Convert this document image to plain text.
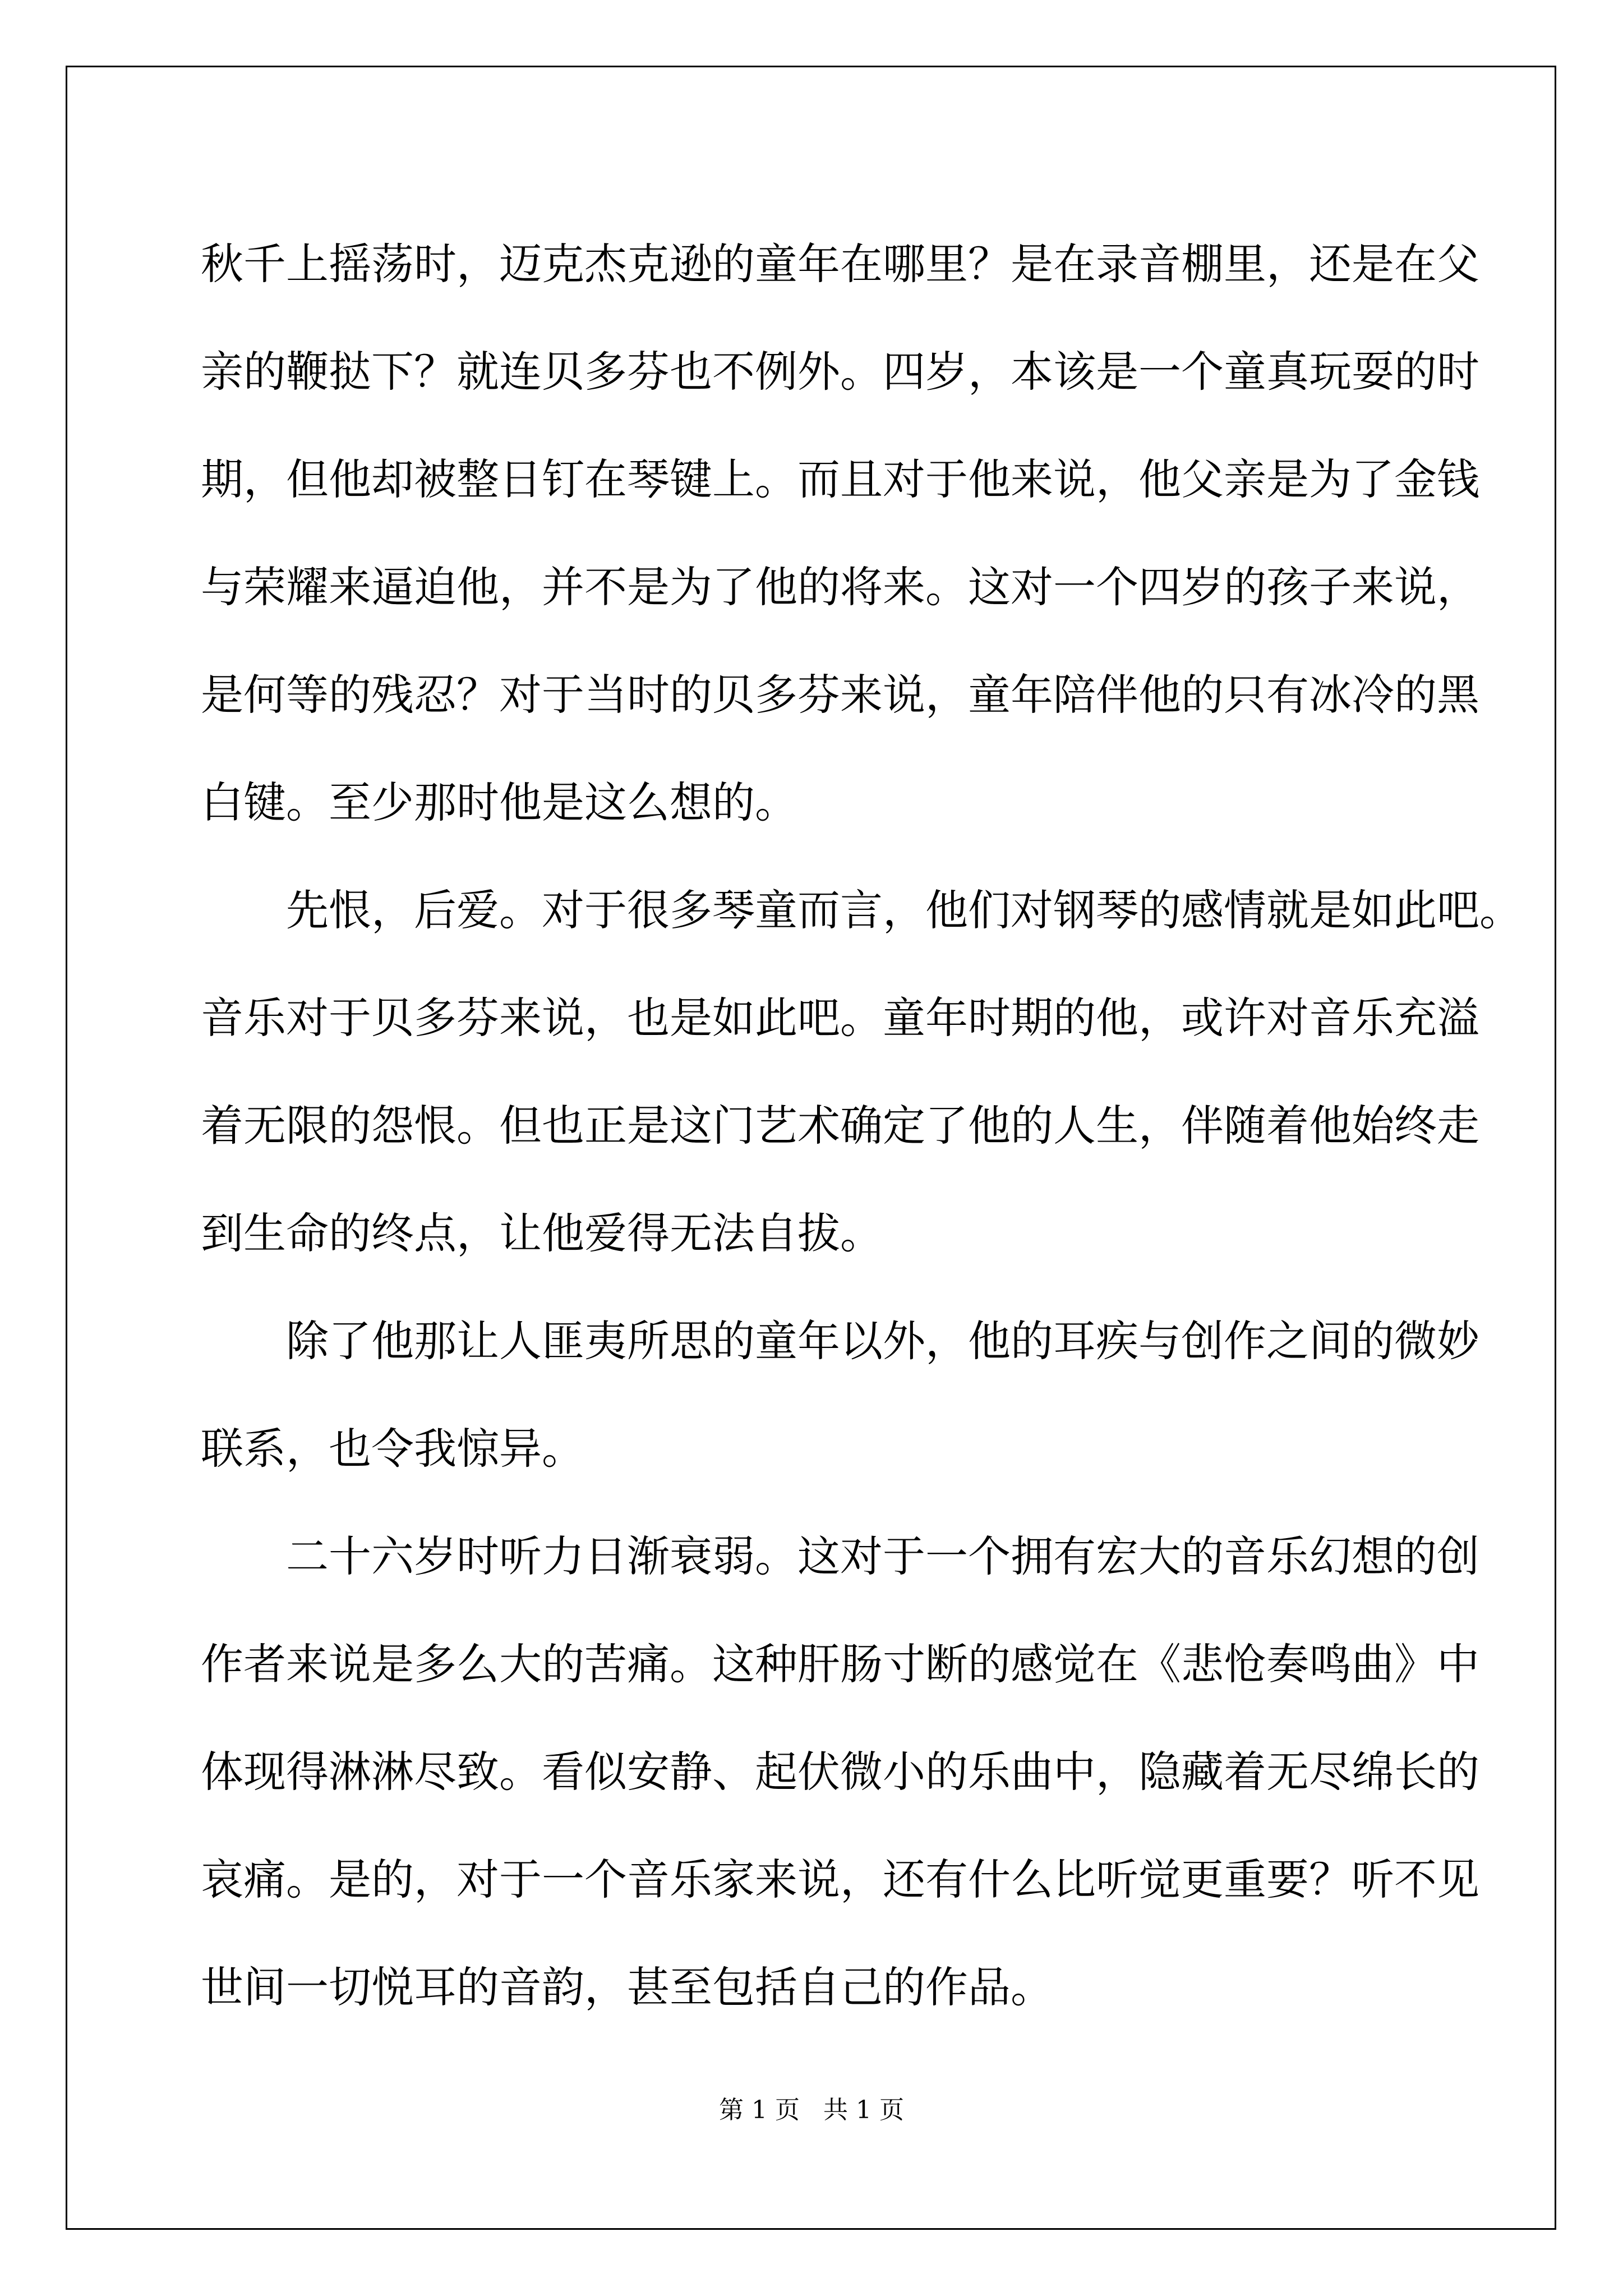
秋千上摇荡时，迈克杰克逊的童年在哪里？是在录音棚里，还是在父
亲的鞭挞下？就连贝多芬也不例外。四岁，本该是一个童真玩耍的时
期，但他却被整日钉在琴键上。而且对于他来说，他父亲是为了金钱
与荣耀来逼迫他，并不是为了他的将来。这对一个四岁的孩子来说，
是何等的残忍？对于当时的贝多芬来说，童年陪伴他的只有冰冷的黑
白键。至少那时他是这么想的。

先恨，后爱。对于很多琴童而言，他们对钢琴的感情就是如此吧。
音乐对于贝多芬来说，也是如此吧。童年时期的他，或许对音乐充溢
着无限的怨恨。但也正是这门艺术确定了他的人生，伴随着他始终走
到生命的终点，让他爱得无法自拔。

除了他那让人匪夷所思的童年以外，他的耳疾与创作之间的微妙
联系，也令我惊异。

二十六岁时听力日渐衰弱。这对于一个拥有宏大的音乐幻想的创
作者来说是多么大的苦痛。这种肝肠寸断的感觉在《悲怆奏鸣曲》中
体现得淋淋尽致。看似安静、起伏微小的乐曲中，隐藏着无尽绵长的
哀痛。是的，对于一个音乐家来说，还有什么比听觉更重要？听不见
世间一切悦耳的音韵，甚至包括自己的作品。

第 1 页 共 1 页
